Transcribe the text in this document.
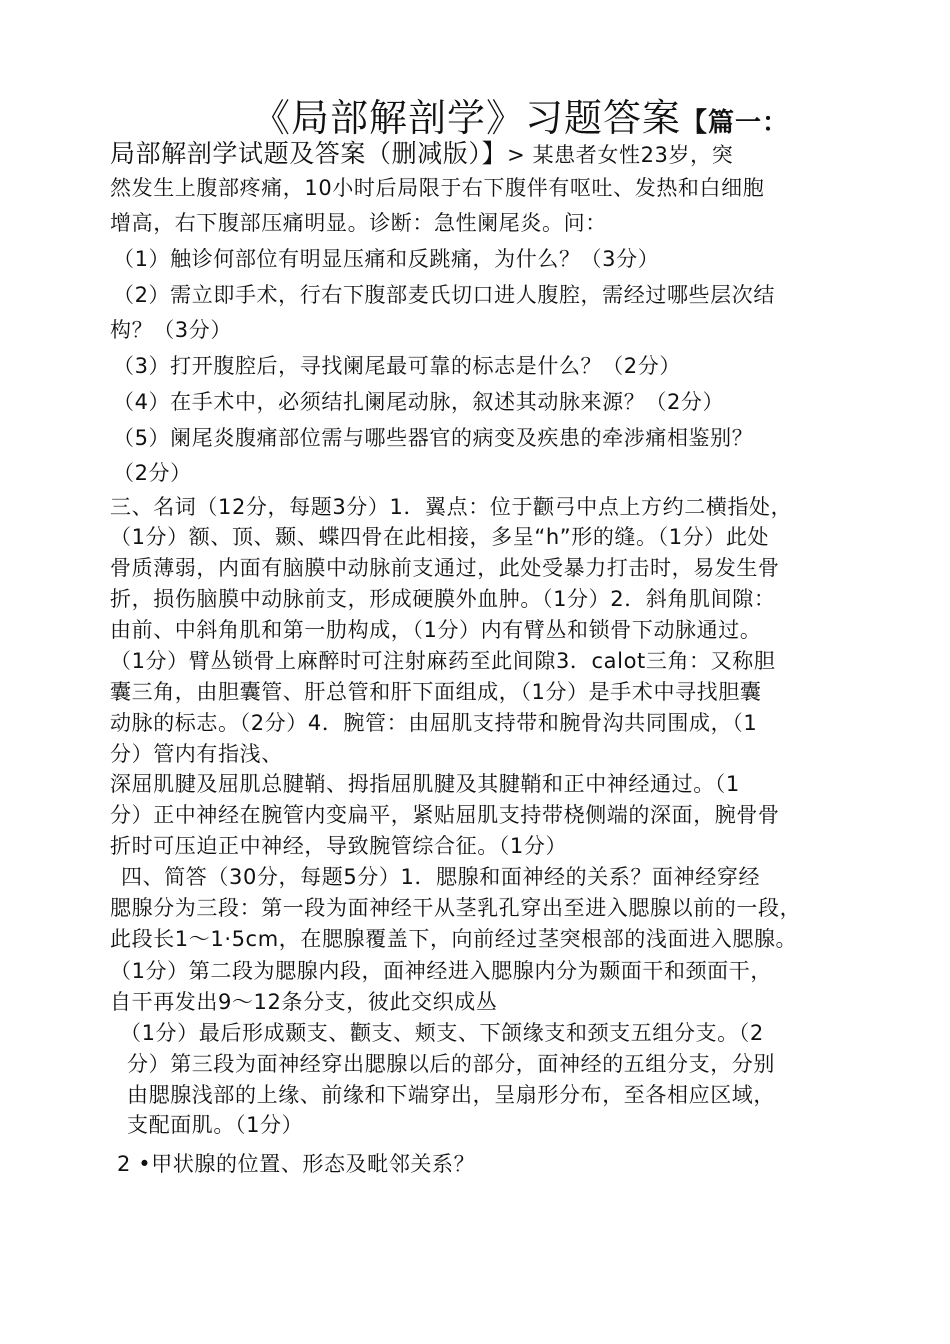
《局部解剖学》习题答案【篇一：
局部解剖学试题及答案（删减版）】> 某患者女性23岁，突
然发生上腹部疼痛，10小时后局限于右下腹伴有呕吐、发热和白细胞
增高，右下腹部压痛明显。诊断：急性阑尾炎。问：
（1）触诊何部位有明显压痛和反跳痛，为什么？（3分）
（2）需立即手术，行右下腹部麦氏切口进人腹腔，需经过哪些层次结
构？（3分）
（3）打开腹腔后，寻找阑尾最可靠的标志是什么？（2分）
（4）在手术中，必须结扎阑尾动脉，叙述其动脉来源？（2分）
（5）阑尾炎腹痛部位需与哪些器官的病变及疾患的牵涉痛相鉴别？
（2分）
三、名词（12分，每题3分）1．翼点：位于颧弓中点上方约二横指处，
（1分）额、顶、颞、蝶四骨在此相接，多呈“h”形的缝。（1分）此处
骨质薄弱，内面有脑膜中动脉前支通过，此处受暴力打击时，易发生骨
折，损伤脑膜中动脉前支，形成硬膜外血肿。（1分）2．斜角肌间隙：
由前、中斜角肌和第一肋构成，（1分）内有臂丛和锁骨下动脉通过。
（1分）臂丛锁骨上麻醉时可注射麻药至此间隙3．calot三角：又称胆
囊三角，由胆囊管、肝总管和肝下面组成，（1分）是手术中寻找胆囊
动脉的标志。（2分）4．腕管：由屈肌支持带和腕骨沟共同围成，（1
分）管内有指浅、
深屈肌腱及屈肌总腱鞘、拇指屈肌腱及其腱鞘和正中神经通过。（1
分）正中神经在腕管内变扁平，紧贴屈肌支持带桡侧端的深面，腕骨骨
折时可压迫正中神经，导致腕管综合征。（1分）
四、简答（30分，每题5分）1．腮腺和面神经的关系？面神经穿经
腮腺分为三段：第一段为面神经干从茎乳孔穿出至进入腮腺以前的一段，
此段长1～1·5cm，在腮腺覆盖下，向前经过茎突根部的浅面进入腮腺。
（1分）第二段为腮腺内段，面神经进入腮腺内分为颞面干和颈面干，
自干再发出9～12条分支，彼此交织成丛
（1分）最后形成颞支、颧支、颊支、下颌缘支和颈支五组分支。（2
分）第三段为面神经穿出腮腺以后的部分，面神经的五组分支，分别
由腮腺浅部的上缘、前缘和下端穿出，呈扇形分布，至各相应区域，
支配面肌。（1分）
2 •甲状腺的位置、形态及毗邻关系？
